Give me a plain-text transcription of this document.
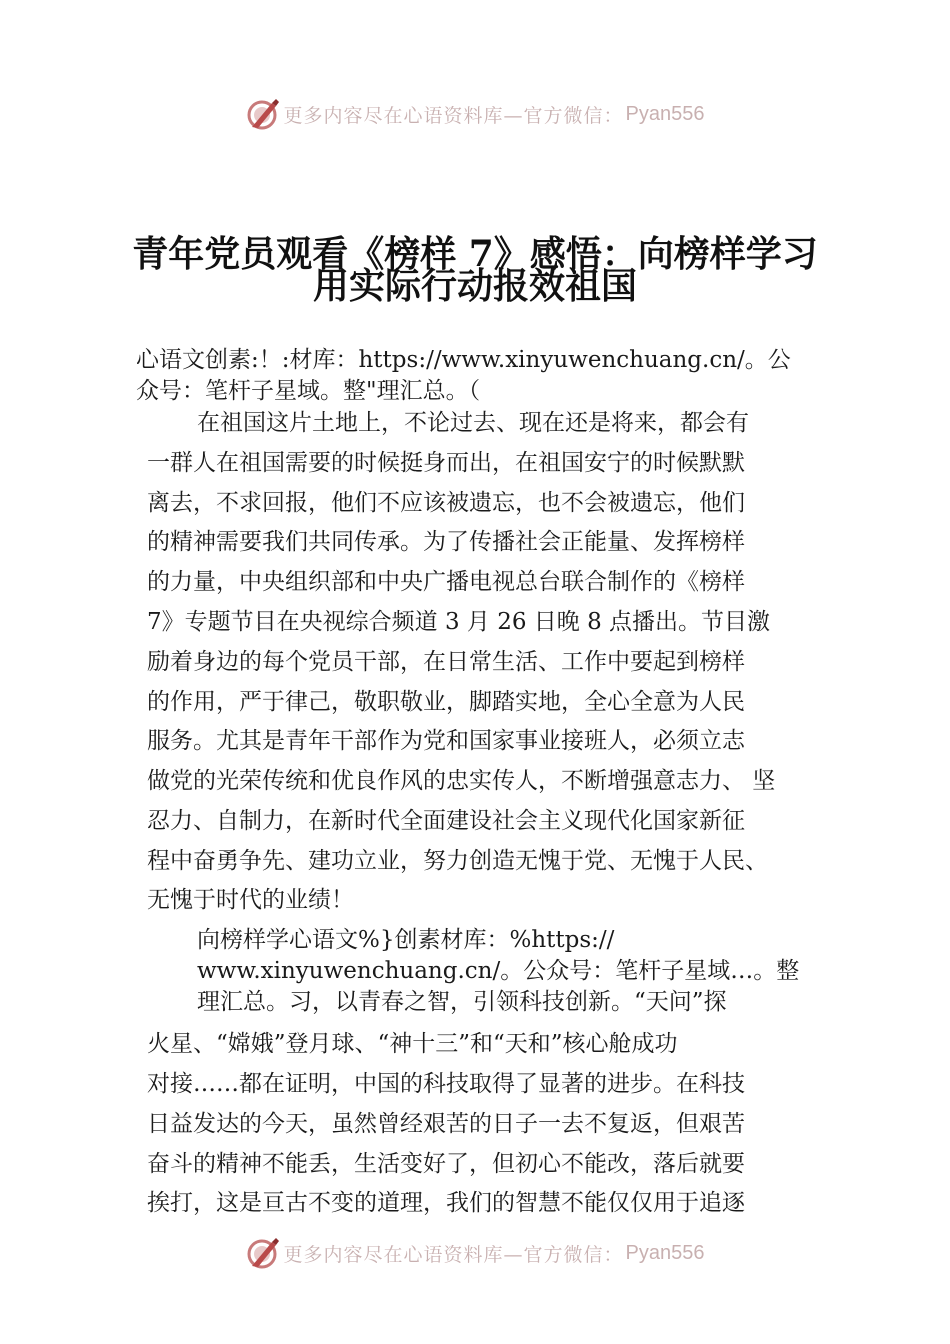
更多内容尽在心语资料库—官方微信： Pyan556
青年党员观看《榜样 7》感悟：向榜样学习
用实际行动报效祖国
心语文创素:！:材库：https://www.xinyuwenchuang.cn/。公
众号：笔杆子星域。整"理汇总。（
在祖国这片土地上，不论过去、现在还是将来，都会有
一群人在祖国需要的时候挺身而出，在祖国安宁的时候默默
离去，不求回报，他们不应该被遗忘，也不会被遗忘，他们
的精神需要我们共同传承。为了传播社会正能量、发挥榜样
的力量，中央组织部和中央广播电视总台联合制作的《榜样
7》专题节目在央视综合频道 3 月 26 日晚 8 点播出。节目激
励着身边的每个党员干部，在日常生活、工作中要起到榜样
的作用，严于律己，敬职敬业，脚踏实地，全心全意为人民
服务。尤其是青年干部作为党和国家事业接班人，必须立志
做党的光荣传统和优良作风的忠实传人，不断增强意志力、 坚
忍力、自制力，在新时代全面建设社会主义现代化国家新征
程中奋勇争先、建功立业，努力创造无愧于党、无愧于人民、
无愧于时代的业绩！
向榜样学心语文%}创素材库：%https://
www.xinyuwenchuang.cn/。公众号：笔杆子星域…。整
理汇总。习，以青春之智，引领科技创新。“天问”探
火星、“嫦娥”登月球、“神十三”和“天和”核心舱成功
对接……都在证明，中国的科技取得了显著的进步。在科技
日益发达的今天，虽然曾经艰苦的日子一去不复返，但艰苦
奋斗的精神不能丢，生活变好了，但初心不能改，落后就要
挨打，这是亘古不变的道理，我们的智慧不能仅仅用于追逐
更多内容尽在心语资料库—官方微信： Pyan556
